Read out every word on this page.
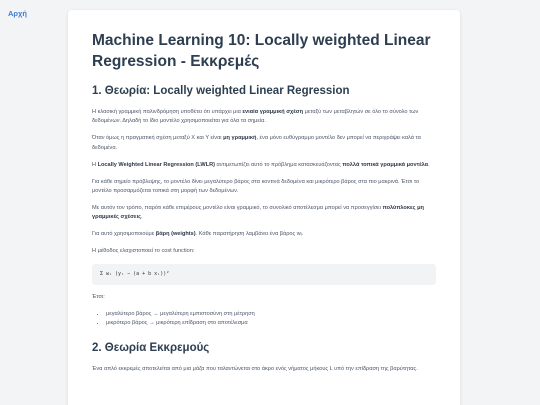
Αρχή
Machine Learning 10: Locally weighted Linear Regression - Εκκρεμές
1. Θεωρία: Locally weighted Linear Regression

Η κλασική γραμμική παλινδρόμηση υποθέτει ότι υπάρχει μια ενιαία γραμμική σχέση μεταξύ των μεταβλητών σε όλο το σύνολο των δεδομένων. Δηλαδή το ίδιο μοντέλο χρησιμοποιείται για όλα τα σημεία.

Όταν όμως η πραγματική σχέση μεταξύ X και Y είναι μη γραμμική, ένα μόνο ευθύγραμμο μοντέλο δεν μπορεί να περιγράψει καλά τα δεδομένα.

Η Locally Weighted Linear Regression (LWLR) αντιμετωπίζει αυτό το πρόβλημα κατασκευάζοντας πολλά τοπικά γραμμικά μοντέλα.

Για κάθε σημείο πρόβλεψης, το μοντέλο δίνει μεγαλύτερο βάρος στα κοντινά δεδομένα και μικρότερο βάρος στα πιο μακρινά. Έτσι το μοντέλο προσαρμόζεται τοπικά στη μορφή των δεδομένων.

Με αυτόν τον τρόπο, παρότι κάθε επιμέρους μοντέλο είναι γραμμικό, το συνολικό αποτέλεσμα μπορεί να προσεγγίσει πολύπλοκες μη γραμμικές σχέσεις.

Για αυτό χρησιμοποιούμε βάρη (weights). Κάθε παρατήρηση λαμβάνει ένα βάρος wᵢ.

Η μέθοδος ελαχιστοποιεί το cost function:

Σ wᵢ (yᵢ − (a + b xᵢ))²

Έτσι:

• μεγαλύτερο βάρος → μεγαλύτερη εμπιστοσύνη στη μέτρηση
• μικρότερο βάρος → μικρότερη επίδραση στο αποτέλεσμα
2. Θεωρία Εκκρεμούς

Ένα απλό εκκρεμές αποτελείται από μια μάζα που ταλαντώνεται στο άκρο ενός νήματος μήκους L υπό την επίδραση της βαρύτητας.
